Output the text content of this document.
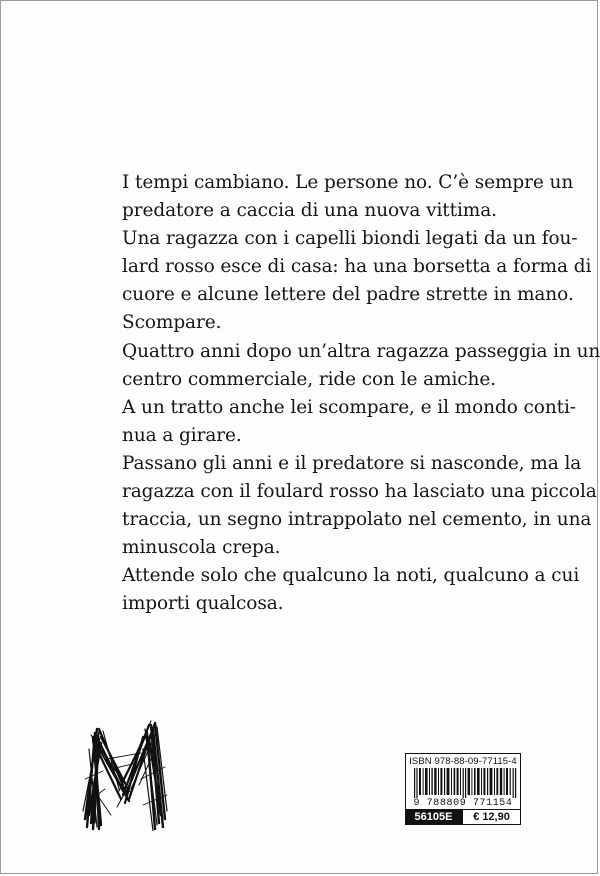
I tempi cambiano. Le persone no. C’è sempre un
predatore a caccia di una nuova vittima.
Una ragazza con i capelli biondi legati da un fou-
lard rosso esce di casa: ha una borsetta a forma di
cuore e alcune lettere del padre strette in mano.
Scompare.
Quattro anni dopo un’altra ragazza passeggia in un
centro commerciale, ride con le amiche.
A un tratto anche lei scompare, e il mondo conti-
nua a girare.
Passano gli anni e il predatore si nasconde, ma la
ragazza con il foulard rosso ha lasciato una piccola
traccia, un segno intrappolato nel cemento, in una
minuscola crepa.
Attende solo che qualcuno la noti, qualcuno a cui
importi qualcosa.
ISBN 978-88-09-77115-4
9 788809 771154
56105E	€ 12,90
